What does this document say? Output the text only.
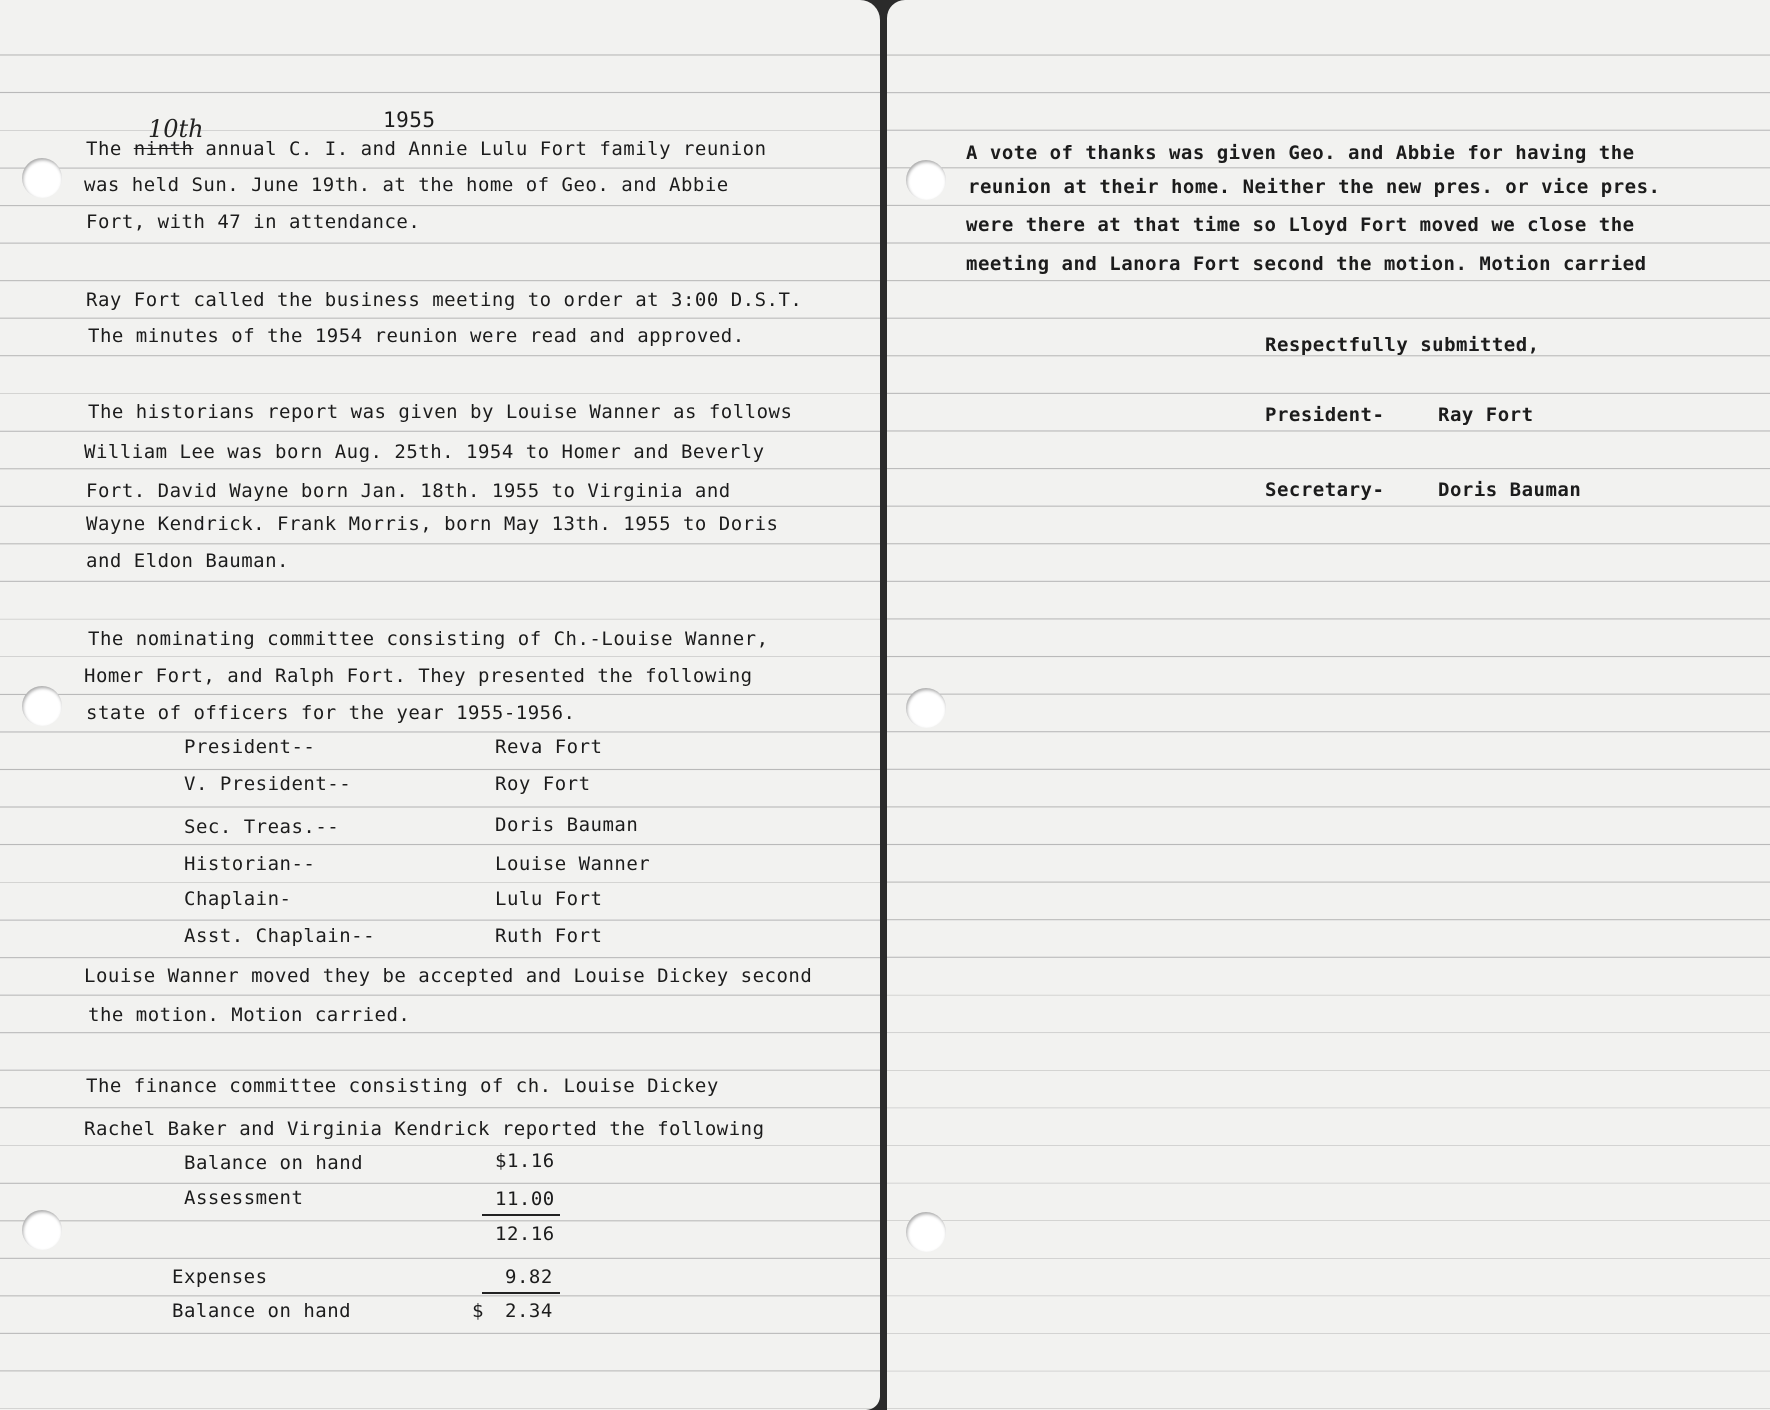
10th	1955
The ninth annual C. I. and Annie Lulu Fort family reunion
was held Sun. June 19th. at the home of Geo. and Abbie
Fort, with 47 in attendance.
Ray Fort called the business meeting to order at 3:00 D.S.T.
The minutes of the 1954 reunion were read and approved.
The historians report was given by Louise Wanner as follows
William Lee was born Aug. 25th. 1954 to Homer and Beverly
Fort. David Wayne born Jan. 18th. 1955 to Virginia and
Wayne Kendrick. Frank Morris, born May 13th. 1955 to Doris
and Eldon Bauman.
The nominating committee consisting of Ch.-Louise Wanner,
Homer Fort, and Ralph Fort. They presented the following
state of officers for the year 1955-1956.
President--	Reva Fort
V. President--	Roy Fort
Sec. Treas.--	Doris Bauman
Historian--	Louise Wanner
Chaplain-	Lulu Fort
Asst. Chaplain--	Ruth Fort
Louise Wanner moved they be accepted and Louise Dickey second
the motion. Motion carried.
The finance committee consisting of ch. Louise Dickey
Rachel Baker and Virginia Kendrick reported the following
Balance on hand	$1.16
Assessment	11.00
12.16
Expenses	9.82
Balance on hand	$ 2.34
A vote of thanks was given Geo. and Abbie for having the
reunion at their home. Neither the new pres. or vice pres.
were there at that time so Lloyd Fort moved we close the
meeting and Lanora Fort second the motion. Motion carried
Respectfully submitted,
President-	Ray Fort
Secretary-	Doris Bauman
